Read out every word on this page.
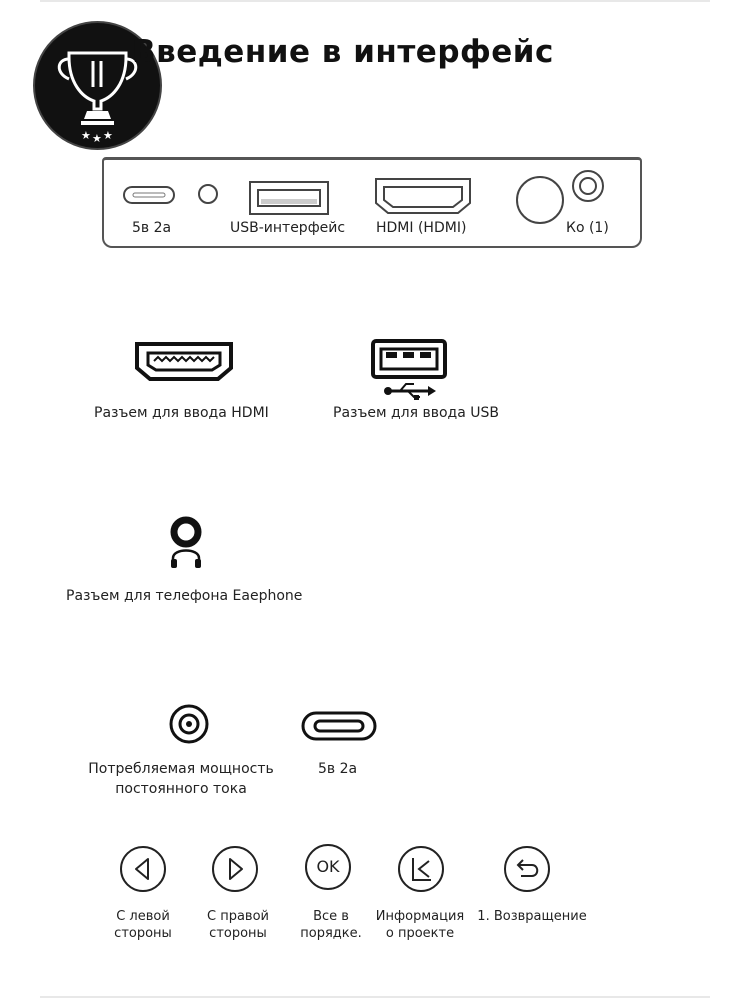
★ ★ ★
Введение в интерфейс
5в 2а	USB-интерфейс HDMI (HDMI)	Ко (1)
Разъем для ввода HDMI	Разъем для ввода USB
Разъем для телефона Eaephone
Потребляемая мощность
постоянного тока
5в 2а
OK
С левой
стороны
С правой
стороны
Все в
порядке.
Информация
о проекте
1. Возвращение
